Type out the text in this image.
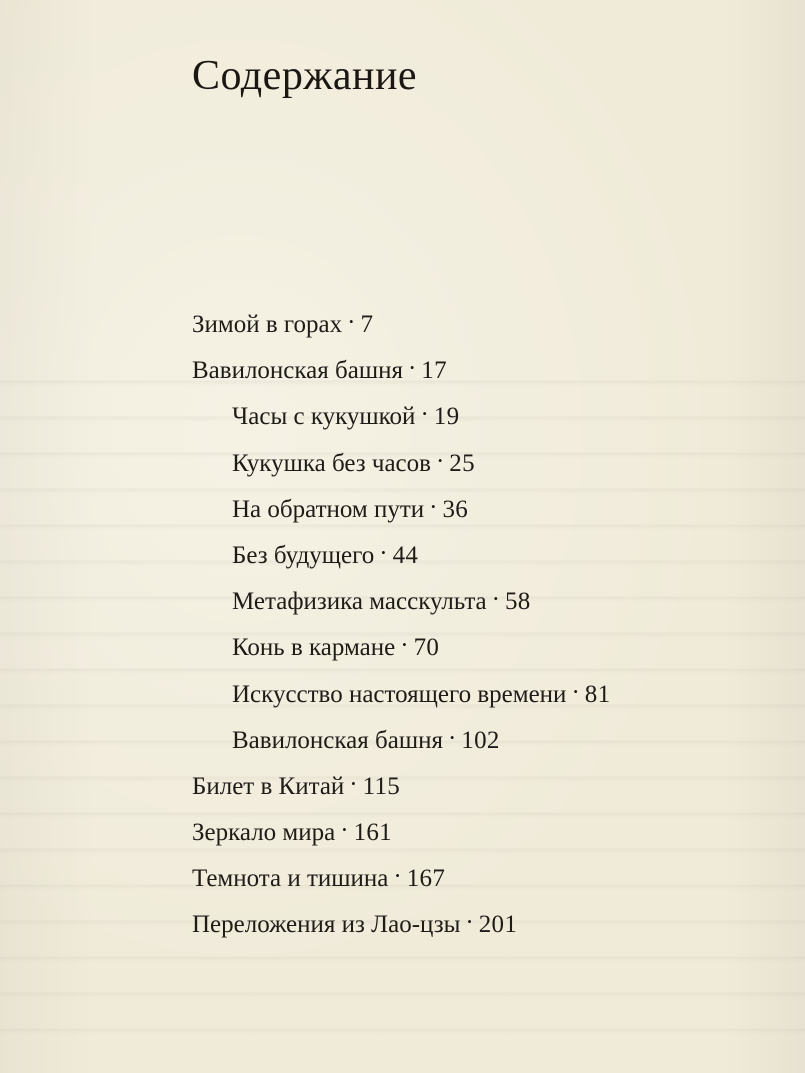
Содержание
Зимой в горах · 7
Вавилонская башня · 17
Часы с кукушкой · 19
Кукушка без часов · 25
На обратном пути · 36
Без будущего · 44
Метафизика масскульта · 58
Конь в кармане · 70
Искусство настоящего времени · 81
Вавилонская башня · 102
Билет в Китай · 115
Зеркало мира · 161
Темнота и тишина · 167
Переложения из Лао-цзы · 201
